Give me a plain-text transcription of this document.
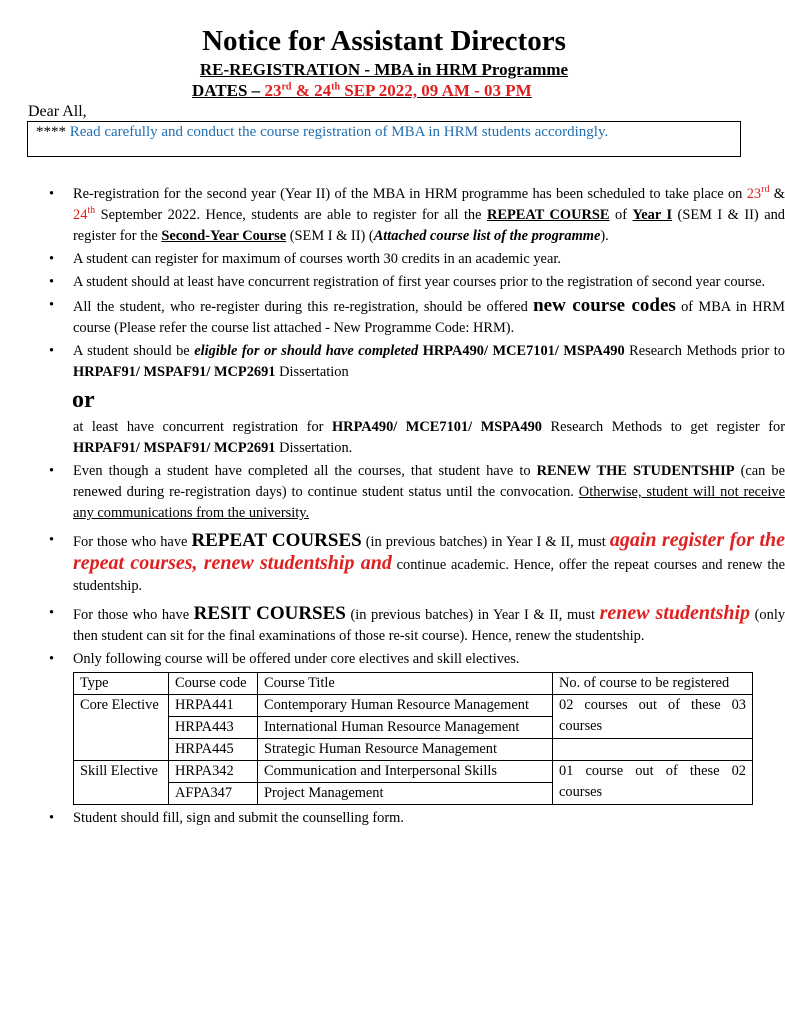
Notice for Assistant Directors
RE-REGISTRATION - MBA in HRM Programme
DATES – 23rd & 24th SEP 2022, 09 AM - 03 PM
Dear All,
**** Read carefully and conduct the course registration of MBA in HRM students accordingly.
• Re-registration for the second year (Year II) of the MBA in HRM programme has been scheduled to take place on 23rd & 24th September 2022. Hence, students are able to register for all the REPEAT COURSE of Year I (SEM I & II) and register for the Second-Year Course (SEM I & II) (Attached course list of the programme).
• A student can register for maximum of courses worth 30 credits in an academic year.
• A student should at least have concurrent registration of first year courses prior to the registration of second year course.
• All the student, who re-register during this re-registration, should be offered new course codes of MBA in HRM course (Please refer the course list attached - New Programme Code: HRM).
• A student should be eligible for or should have completed HRPA490/ MCE7101/ MSPA490 Research Methods prior to HRPAF91/ MSPAF91/ MCP2691 Dissertation
or
at least have concurrent registration for HRPA490/ MCE7101/ MSPA490 Research Methods to get register for HRPAF91/ MSPAF91/ MCP2691 Dissertation.
• Even though a student have completed all the courses, that student have to RENEW THE STUDENTSHIP (can be renewed during re-registration days) to continue student status until the convocation. Otherwise, student will not receive any communications from the university.
• For those who have REPEAT COURSES (in previous batches) in Year I & II, must again register for the repeat courses, renew studentship and continue academic. Hence, offer the repeat courses and renew the studentship.
• For those who have RESIT COURSES (in previous batches) in Year I & II, must renew studentship (only then student can sit for the final examinations of those re-sit course). Hence, renew the studentship.
• Only following course will be offered under core electives and skill electives.
Type	Course code	Course Title	No. of course to be registered
Core Elective	HRPA441	Contemporary Human Resource Management	02 courses out of these 03 courses
	HRPA443	International Human Resource Management	
	HRPA445	Strategic Human Resource Management	
Skill Elective	HRPA342	Communication and Interpersonal Skills	01 course out of these 02 courses
	AFPA347	Project Management	
• Student should fill, sign and submit the counselling form.
